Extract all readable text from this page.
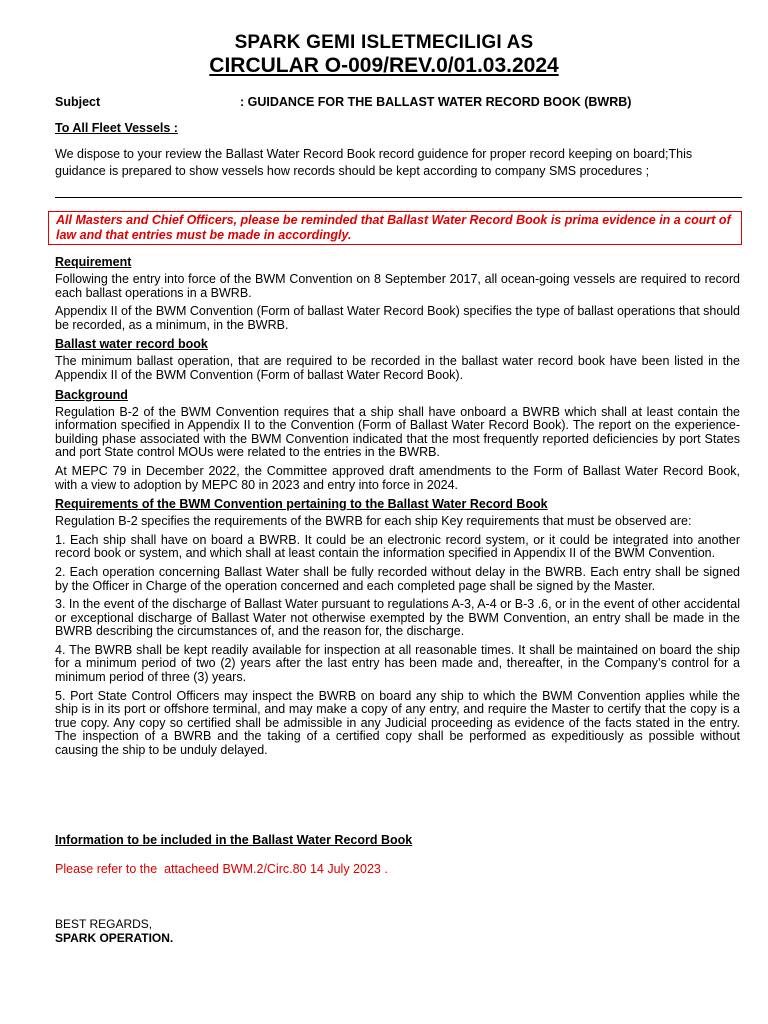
SPARK GEMI ISLETMECILIGI AS
CIRCULAR O-009/REV.0/01.03.2024
Subject	: GUIDANCE FOR THE BALLAST WATER RECORD BOOK (BWRB)
To All Fleet Vessels :

We dispose to your review the Ballast Water Record Book record guidence for proper record keeping on board;This guidance is prepared to show vessels how records should be kept according to company SMS procedures ;

All Masters and Chief Officers, please be reminded that Ballast Water Record Book is prima evidence in a court of law and that entries must be made in accordingly.
Requirement

Following the entry into force of the BWM Convention on 8 September 2017, all ocean-going vessels are required to record each ballast operations in a BWRB.

Appendix II of the BWM Convention (Form of ballast Water Record Book) specifies the type of ballast operations that should be recorded, as a minimum, in the BWRB.

Ballast water record book

The minimum ballast operation, that are required to be recorded in the ballast water record book have been listed in the Appendix II of the BWM Convention (Form of ballast Water Record Book).

Background

Regulation B-2 of the BWM Convention requires that a ship shall have onboard a BWRB which shall at least contain the information specified in Appendix II to the Convention (Form of Ballast Water Record Book). The report on the experience-building phase associated with the BWM Convention indicated that the most frequently reported deficiencies by port States and port State control MOUs were related to the entries in the BWRB.

At MEPC 79 in December 2022, the Committee approved draft amendments to the Form of Ballast Water Record Book, with a view to adoption by MEPC 80 in 2023 and entry into force in 2024.

Requirements of the BWM Convention pertaining to the Ballast Water Record Book

Regulation B-2 specifies the requirements of the BWRB for each ship Key requirements that must be observed are:

1. Each ship shall have on board a BWRB. It could be an electronic record system, or it could be integrated into another record book or system, and which shall at least contain the information specified in Appendix II of the BWM Convention.

2. Each operation concerning Ballast Water shall be fully recorded without delay in the BWRB. Each entry shall be signed by the Officer in Charge of the operation concerned and each completed page shall be signed by the Master.

3. In the event of the discharge of Ballast Water pursuant to regulations A-3, A-4 or B-3 .6, or in the event of other accidental or exceptional discharge of Ballast Water not otherwise exempted by the BWM Convention, an entry shall be made in the BWRB describing the circumstances of, and the reason for, the discharge.

4. The BWRB shall be kept readily available for inspection at all reasonable times. It shall be maintained on board the ship for a minimum period of two (2) years after the last entry has been made and, thereafter, in the Company’s control for a minimum period of three (3) years.

5. Port State Control Officers may inspect the BWRB on board any ship to which the BWM Convention applies while the ship is in its port or offshore terminal, and may make a copy of any entry, and require the Master to certify that the copy is a true copy. Any copy so certified shall be admissible in any Judicial proceeding as evidence of the facts stated in the entry. The inspection of a BWRB and the taking of a certified copy shall be performed as expeditiously as possible without causing the ship to be unduly delayed.

Information to be included in the Ballast Water Record Book
Please refer to the  attacheed BWM.2/Circ.80 14 July 2023 .
BEST REGARDS,
SPARK OPERATION.
